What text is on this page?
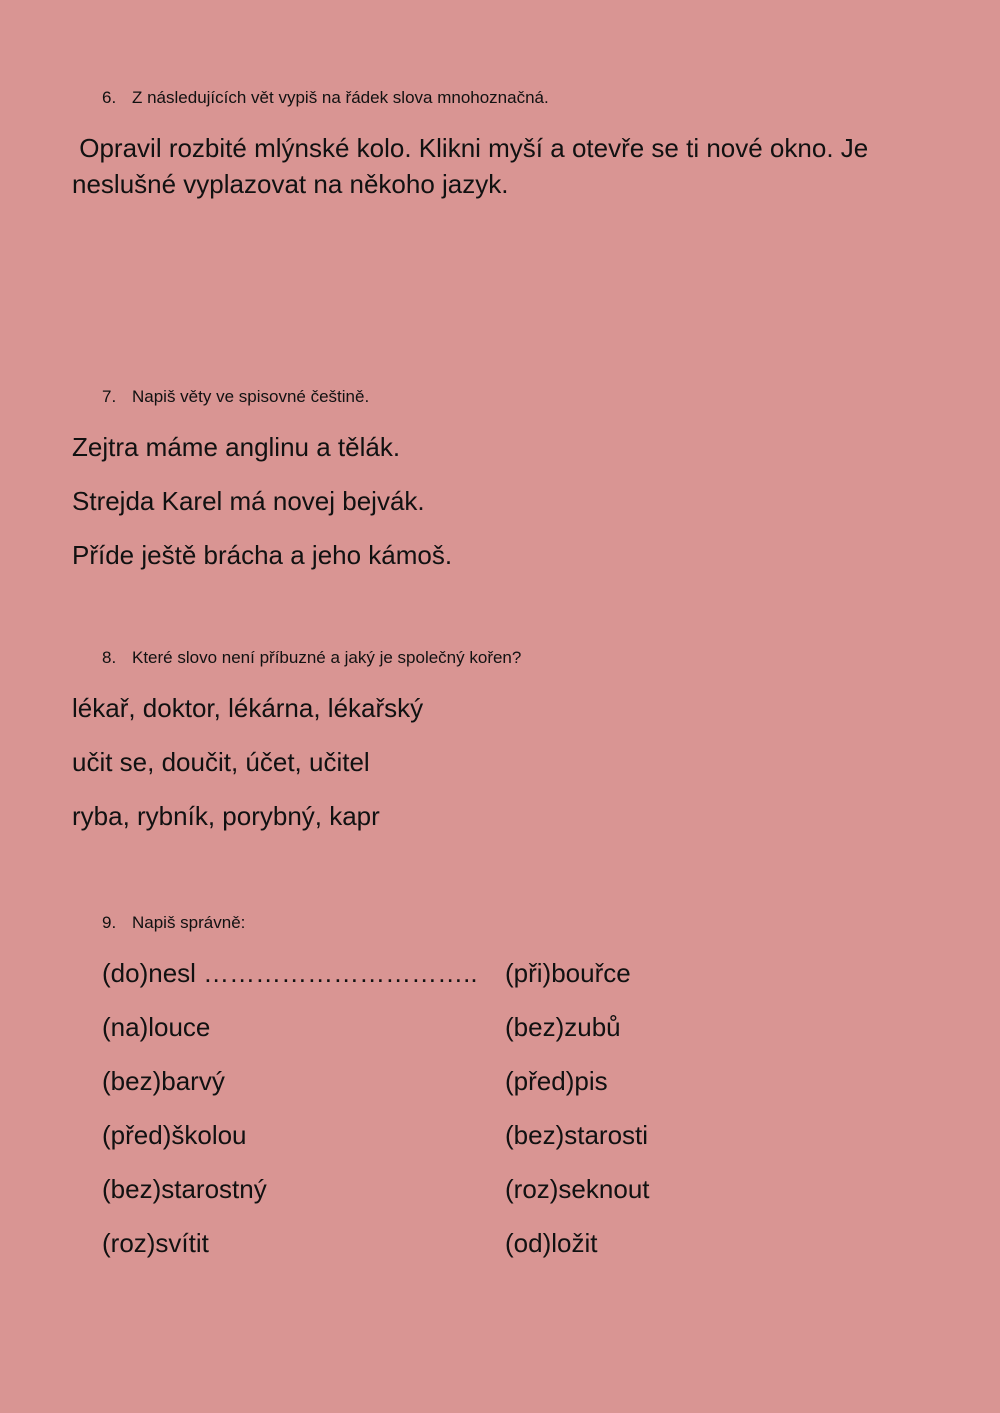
6. Z následujících vět vypiš na řádek slova mnohoznačná.
Opravil rozbité mlýnské kolo. Klikni myší a otevře se ti nové okno. Je neslušné vyplazovat na někoho jazyk.
7. Napiš věty ve spisovné češtině.
Zejtra máme anglinu a tělák.
Strejda Karel má novej bejvák.
Příde ještě brácha a jeho kámoš.
8. Které slovo není příbuzné a jaký je společný kořen?
lékař, doktor, lékárna, lékařský
učit se, doučit, účet, učitel
ryba, rybník, porybný, kapr
9. Napiš správně:
(do)nesl …………………………..
(na)louce
(bez)barvý
(před)školou
(bez)starostný
(roz)svítit
(při)bouřce
(bez)zubů
(před)pis
(bez)starosti
(roz)seknout
(od)ložit
